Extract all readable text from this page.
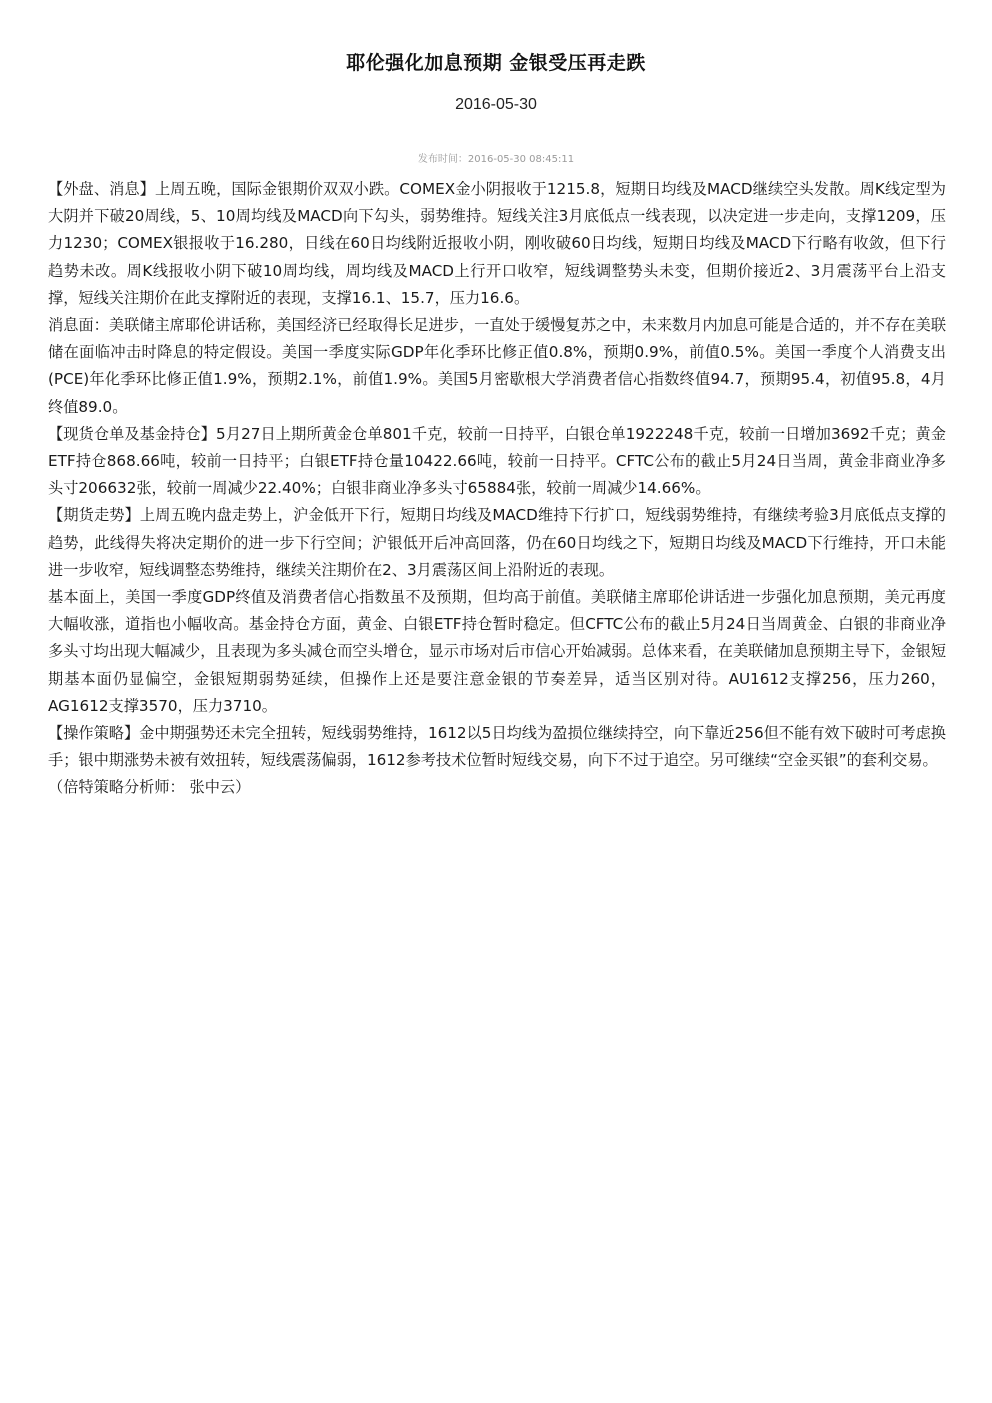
耶伦强化加息预期 金银受压再走跌
2016-05-30
发布时间：2016-05-30 08:45:11

【外盘、消息】上周五晚，国际金银期价双双小跌。COMEX金小阴报收于1215.8，短期日均线及MACD继续空头发散。周K线定型为大阴并下破20周线，5、10周均线及MACD向下勾头，弱势维持。短线关注3月底低点一线表现，以决定进一步走向，支撑1209，压力1230；COMEX银报收于16.280，日线在60日均线附近报收小阴，刚收破60日均线，短期日均线及MACD下行略有收敛，但下行趋势未改。周K线报收小阴下破10周均线，周均线及MACD上行开口收窄，短线调整势头未变，但期价接近2、3月震荡平台上沿支撑，短线关注期价在此支撑附近的表现，支撑16.1、15.7，压力16.6。

消息面：美联储主席耶伦讲话称，美国经济已经取得长足进步，一直处于缓慢复苏之中，未来数月内加息可能是合适的，并不存在美联储在面临冲击时降息的特定假设。美国一季度实际GDP年化季环比修正值0.8%，预期0.9%，前值0.5%。美国一季度个人消费支出(PCE)年化季环比修正值1.9%，预期2.1%，前值1.9%。美国5月密歇根大学消费者信心指数终值94.7，预期95.4，初值95.8，4月终值89.0。

【现货仓单及基金持仓】5月27日上期所黄金仓单801千克，较前一日持平，白银仓单1922248千克，较前一日增加3692千克；黄金ETF持仓868.66吨，较前一日持平；白银ETF持仓量10422.66吨，较前一日持平。CFTC公布的截止5月24日当周，黄金非商业净多头寸206632张，较前一周减少22.40%；白银非商业净多头寸65884张，较前一周减少14.66%。

【期货走势】上周五晚内盘走势上，沪金低开下行，短期日均线及MACD维持下行扩口，短线弱势维持，有继续考验3月底低点支撑的趋势，此线得失将决定期价的进一步下行空间；沪银低开后冲高回落，仍在60日均线之下，短期日均线及MACD下行维持，开口未能进一步收窄，短线调整态势维持，继续关注期价在2、3月震荡区间上沿附近的表现。

基本面上，美国一季度GDP终值及消费者信心指数虽不及预期，但均高于前值。美联储主席耶伦讲话进一步强化加息预期，美元再度大幅收涨，道指也小幅收高。基金持仓方面，黄金、白银ETF持仓暂时稳定。但CFTC公布的截止5月24日当周黄金、白银的非商业净多头寸均出现大幅减少，且表现为多头减仓而空头增仓，显示市场对后市信心开始减弱。总体来看，在美联储加息预期主导下，金银短期基本面仍显偏空，金银短期弱势延续，但操作上还是要注意金银的节奏差异，适当区别对待。AU1612支撑256，压力260，AG1612支撑3570，压力3710。

【操作策略】金中期强势还未完全扭转，短线弱势维持，1612以5日均线为盈损位继续持空，向下靠近256但不能有效下破时可考虑换手；银中期涨势未被有效扭转，短线震荡偏弱，1612参考技术位暂时短线交易，向下不过于追空。另可继续“空金买银”的套利交易。

（倍特策略分析师： 张中云）
